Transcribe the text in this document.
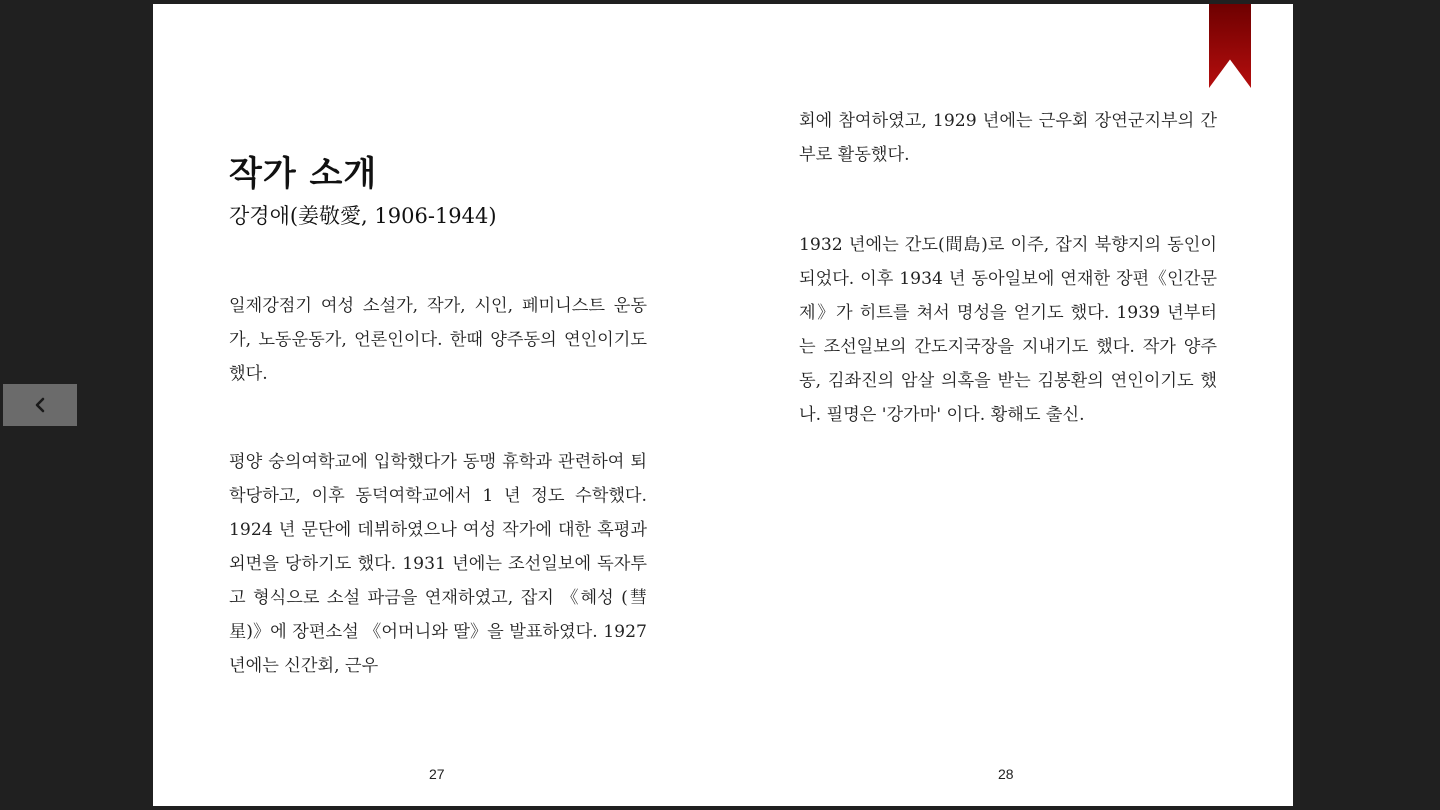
작가 소개

강경애(姜敬愛, 1906-1944)

일제강점기 여성 소설가, 작가, 시인, 페미니스트 운동가, 노동운동가, 언론인이다. 한때 양주동의 연인이기도 했다.

평양 숭의여학교에 입학했다가 동맹 휴학과 관련하여 퇴학당하고, 이후 동덕여학교에서 1 년 정도 수학했다. 1924 년 문단에 데뷔하였으나 여성 작가에 대한 혹평과 외면을 당하기도 했다. 1931 년에는 조선일보에 독자투고 형식으로 소설 파금을 연재하였고, 잡지 《혜성 (彗星)》에 장편소설 《어머니와 딸》을 발표하였다. 1927 년에는 신간회, 근우

27

회에 참여하였고, 1929 년에는 근우회 장연군지부의 간부로 활동했다.

1932 년에는 간도(間島)로 이주, 잡지 북향지의 동인이 되었다. 이후 1934 년 동아일보에 연재한 장편《인간문제》가 히트를 쳐서 명성을 얻기도 했다. 1939 년부터는 조선일보의 간도지국장을 지내기도 했다. 작가 양주동, 김좌진의 암살 의혹을 받는 김봉환의 연인이기도 했나. 필명은 '강가마' 이다. 황해도 출신.

28
